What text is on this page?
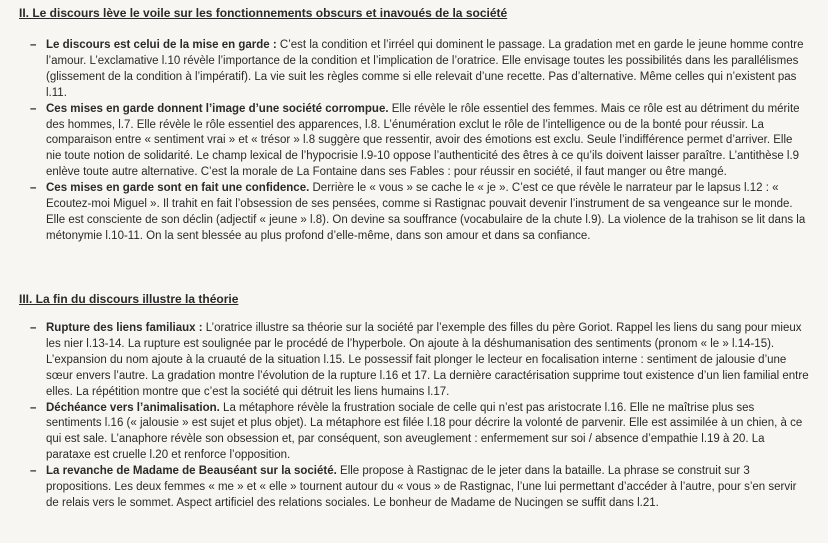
II. Le discours lève le voile sur les fonctionnements obscurs et inavoués de la société
– Le discours est celui de la mise en garde : C’est la condition et l’irréel qui dominent le passage. La gradation met en garde le jeune homme contre l’amour. L’exclamative l.10 révèle l’importance de la condition et l’implication de l’oratrice. Elle envisage toutes les possibilités dans les parallélismes (glissement de la condition à l’impératif). La vie suit les règles comme si elle relevait d’une recette. Pas d’alternative. Même celles qui n’existent pas l.11.
– Ces mises en garde donnent l’image d’une société corrompue. Elle révèle le rôle essentiel des femmes. Mais ce rôle est au détriment du mérite des hommes, l.7. Elle révèle le rôle essentiel des apparences, l.8. L’énumération exclut le rôle de l’intelligence ou de la bonté pour réussir. La comparaison entre « sentiment vrai » et « trésor » l.8 suggère que ressentir, avoir des émotions est exclu. Seule l’indifférence permet d’arriver. Elle nie toute notion de solidarité. Le champ lexical de l’hypocrisie l.9-10 oppose l’authenticité des êtres à ce qu’ils doivent laisser paraître. L’antithèse l.9 enlève toute autre alternative. C’est la morale de La Fontaine dans ses Fables : pour réussir en société, il faut manger ou être mangé.
– Ces mises en garde sont en fait une confidence. Derrière le « vous » se cache le « je ». C’est ce que révèle le narrateur par le lapsus l.12 : « Ecoutez-moi Miguel ». Il trahit en fait l’obsession de ses pensées, comme si Rastignac pouvait devenir l’instrument de sa vengeance sur le monde. Elle est consciente de son déclin (adjectif « jeune » l.8). On devine sa souffrance (vocabulaire de la chute l.9). La violence de la trahison se lit dans la métonymie l.10-11. On la sent blessée au plus profond d’elle-même, dans son amour et dans sa confiance.
III. La fin du discours illustre la théorie
– Rupture des liens familiaux : L’oratrice illustre sa théorie sur la société par l’exemple des filles du père Goriot. Rappel les liens du sang pour mieux les nier l.13-14. La rupture est soulignée par le procédé de l’hyperbole. On ajoute à la déshumanisation des sentiments (pronom « le » l.14-15). L’expansion du nom ajoute à la cruauté de la situation l.15. Le possessif fait plonger le lecteur en focalisation interne : sentiment de jalousie d’une sœur envers l’autre. La gradation montre l’évolution de la rupture l.16 et 17. La dernière caractérisation supprime tout existence d’un lien familial entre elles. La répétition montre que c’est la société qui détruit les liens humains l.17.
– Déchéance vers l’animalisation. La métaphore révèle la frustration sociale de celle qui n’est pas aristocrate l.16. Elle ne maîtrise plus ses sentiments l.16 (« jalousie » est sujet et plus objet). La métaphore est filée l.18 pour décrire la volonté de parvenir. Elle est assimilée à un chien, à ce qui est sale. L’anaphore révèle son obsession et, par conséquent, son aveuglement : enfermement sur soi / absence d’empathie l.19 à 20. La parataxe est cruelle l.20 et renforce l’opposition.
– La revanche de Madame de Beauséant sur la société. Elle propose à Rastignac de le jeter dans la bataille. La phrase se construit sur 3 propositions. Les deux femmes « me » et « elle » tournent autour du « vous » de Rastignac, l’une lui permettant d’accéder à l’autre, pour s’en servir de relais vers le sommet. Aspect artificiel des relations sociales. Le bonheur de Madame de Nucingen se suffit dans l.21.
